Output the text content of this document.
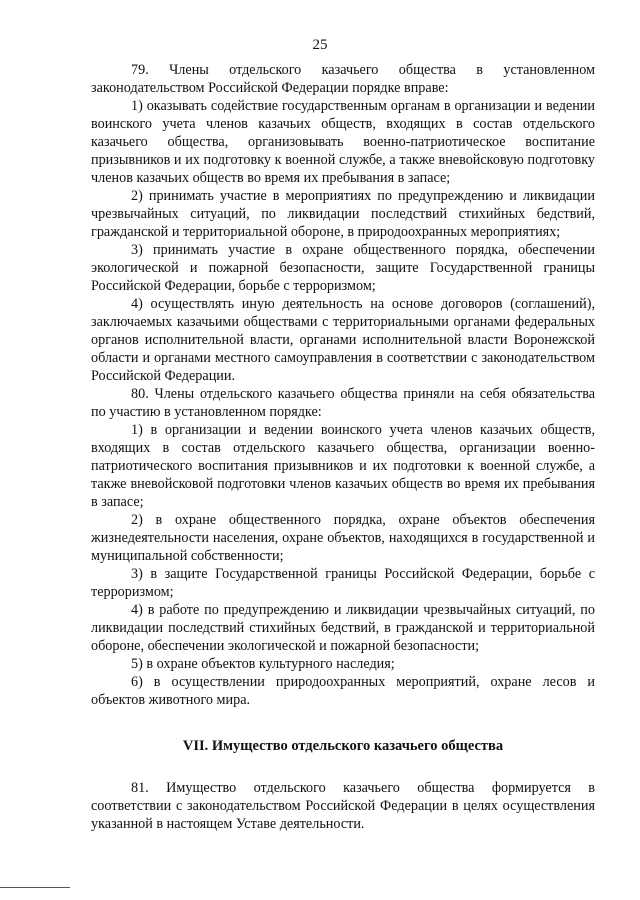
25

79. Члены отдельского казачьего общества в установленном законодательством Российской Федерации порядке вправе:

1) оказывать содействие государственным органам в организации и ведении воинского учета членов казачьих обществ, входящих в состав отдельского казачьего общества, организовывать военно-патриотическое воспитание призывников и их подготовку к военной службе, а также вневойсковую подготовку членов казачьих обществ во время их пребывания в запасе;

2) принимать участие в мероприятиях по предупреждению и ликвидации чрезвычайных ситуаций, по ликвидации последствий стихийных бедствий, гражданской и территориальной обороне, в природоохранных мероприятиях;

3) принимать участие в охране общественного порядка, обеспечении экологической и пожарной безопасности, защите Государственной границы Российской Федерации, борьбе с терроризмом;

4) осуществлять иную деятельность на основе договоров (соглашений), заключаемых казачьими обществами с территориальными органами федеральных органов исполнительной власти, органами исполнительной власти Воронежской области и органами местного самоуправления в соответствии с законодательством Российской Федерации.

80. Члены отдельского казачьего общества приняли на себя обязательства по участию в установленном порядке:

1) в организации и ведении воинского учета членов казачьих обществ, входящих в состав отдельского казачьего общества, организации военно-патриотического воспитания призывников и их подготовки к военной службе, а также вневойсковой подготовки членов казачьих обществ во время их пребывания в запасе;

2) в охране общественного порядка, охране объектов обеспечения жизнедеятельности населения, охране объектов, находящихся в государственной и муниципальной собственности;

3) в защите Государственной границы Российской Федерации, борьбе с терроризмом;

4) в работе по предупреждению и ликвидации чрезвычайных ситуаций, по ликвидации последствий стихийных бедствий, в гражданской и территориальной обороне, обеспечении экологической и пожарной безопасности;

5) в охране объектов культурного наследия;

6) в осуществлении природоохранных мероприятий, охране лесов и объектов животного мира.

VII. Имущество отдельского казачьего общества

81. Имущество отдельского казачьего общества формируется в соответствии с законодательством Российской Федерации в целях осуществления указанной в настоящем Уставе деятельности.
